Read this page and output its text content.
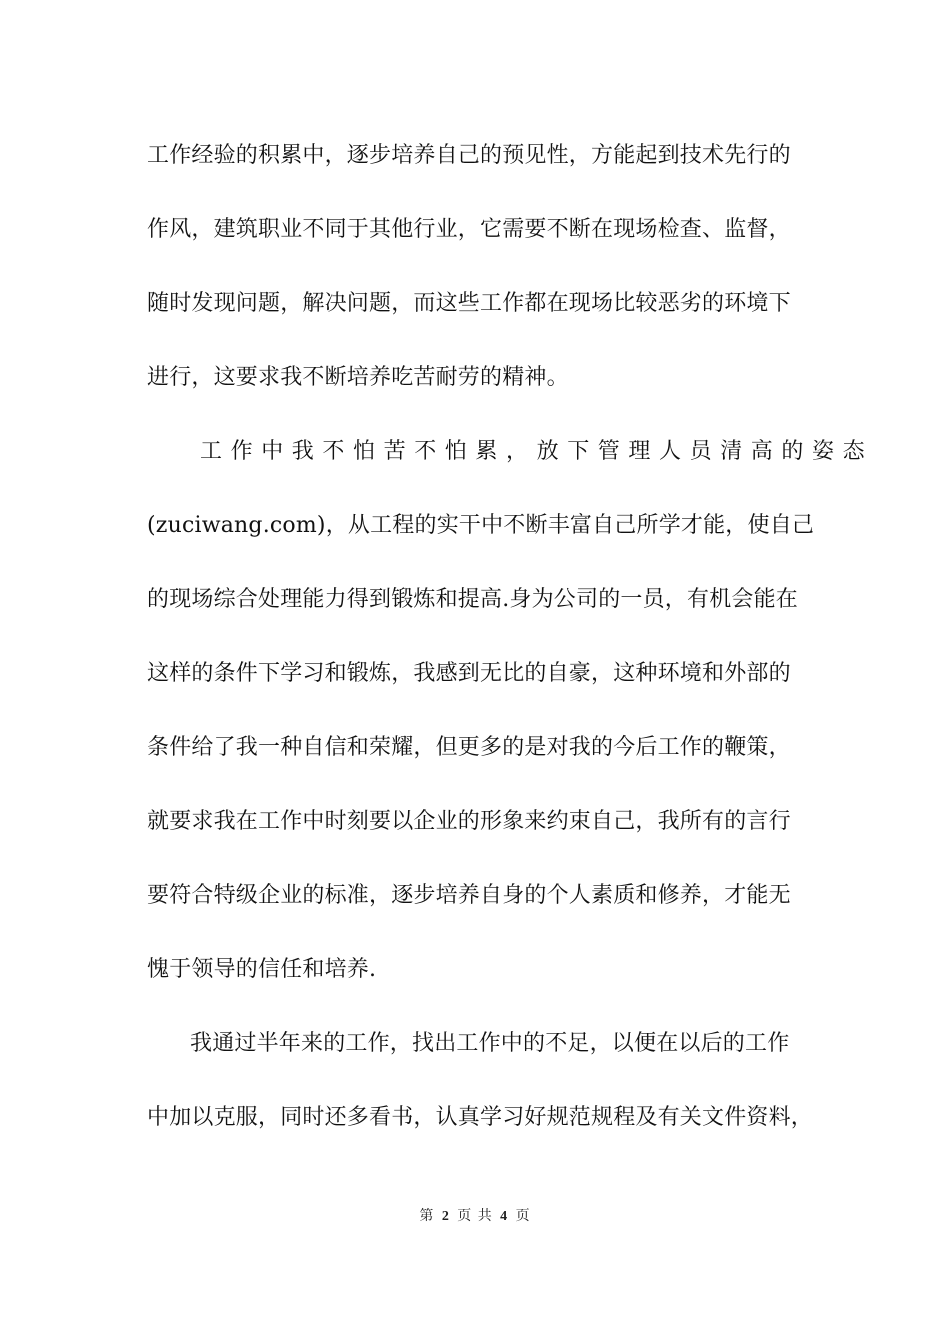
工作经验的积累中，逐步培养自己的预见性，方能起到技术先行的
作风，建筑职业不同于其他行业，它需要不断在现场检查、监督，
随时发现问题，解决问题，而这些工作都在现场比较恶劣的环境下
进行，这要求我不断培养吃苦耐劳的精神。
工作中我不怕苦不怕累，放下管理人员清高的姿态
(zuciwang.com)，从工程的实干中不断丰富自己所学才能，使自己
的现场综合处理能力得到锻炼和提高.身为公司的一员，有机会能在
这样的条件下学习和锻炼，我感到无比的自豪，这种环境和外部的
条件给了我一种自信和荣耀，但更多的是对我的今后工作的鞭策，
就要求我在工作中时刻要以企业的形象来约束自己，我所有的言行
要符合特级企业的标准，逐步培养自身的个人素质和修养，才能无
愧于领导的信任和培养.
我通过半年来的工作，找出工作中的不足，以便在以后的工作
中加以克服，同时还多看书，认真学习好规范规程及有关文件资料，
第 2 页 共 4 页
